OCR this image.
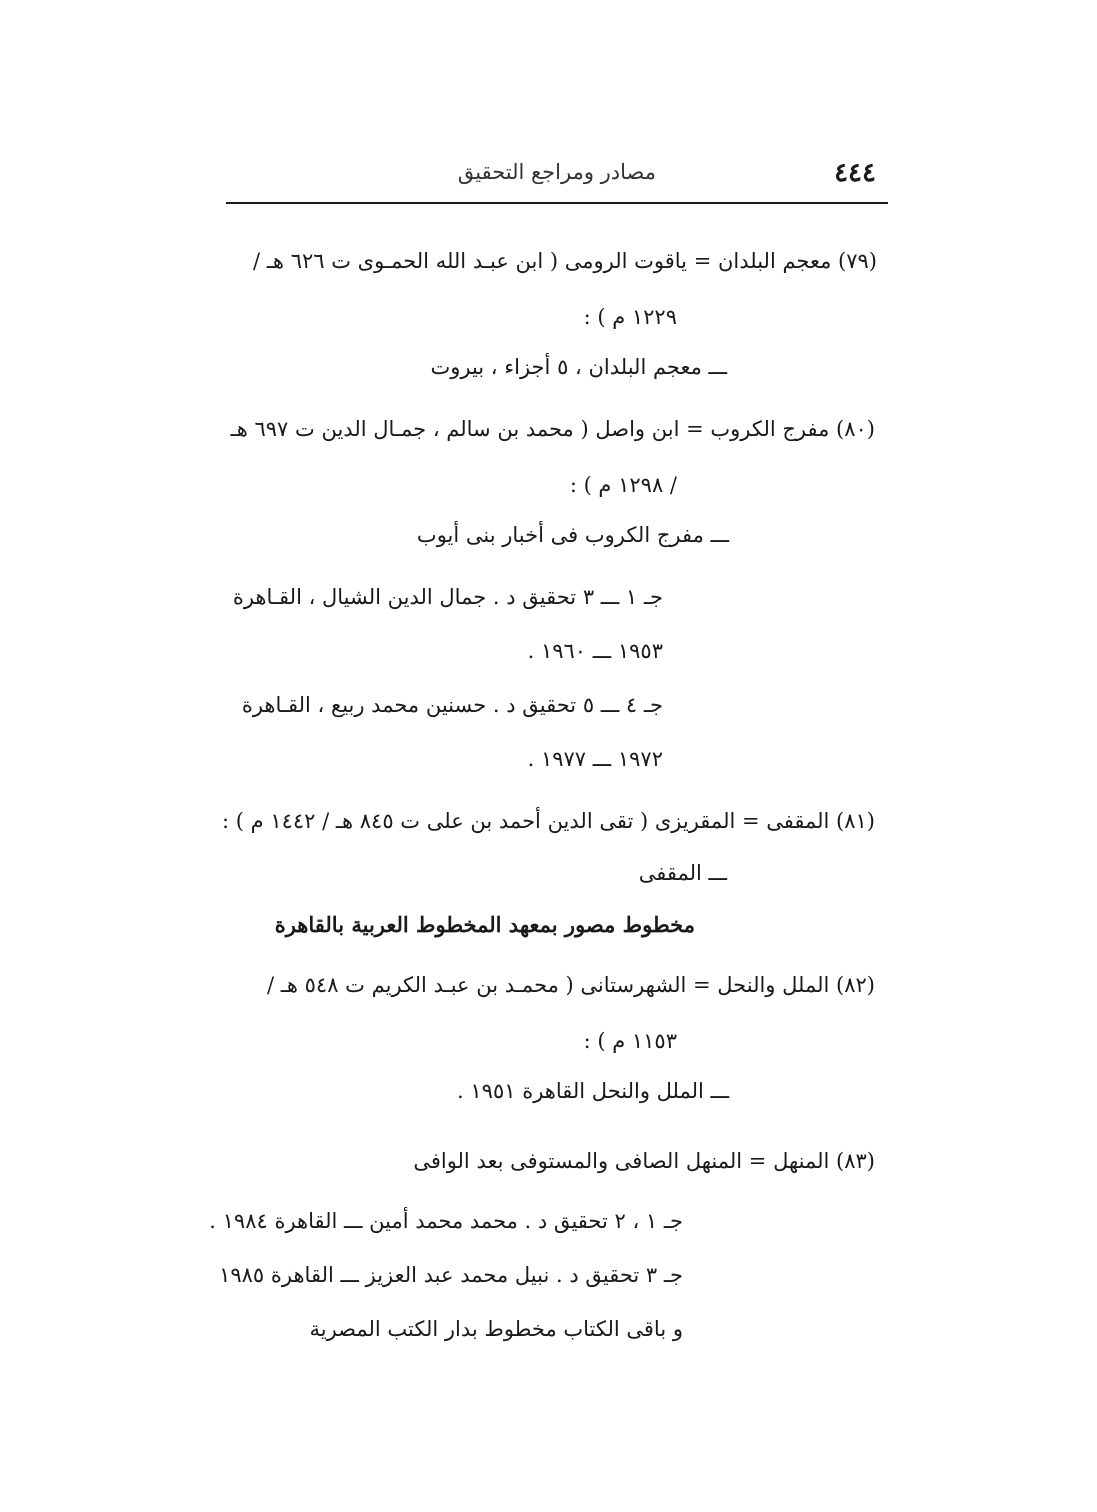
٤٤٤
مصادر ومراجع التحقيق
(٧٩) معجم البلدان = ياقوت الرومى ( ابن عبـد الله الحمـوى ت ٦٢٦ هـ /
١٢٢٩ م ) :
ـــ معجم البلدان ، ٥ أجزاء ، بيروت
(٨٠) مفرج الكروب = ابن واصل ( محمد بن سالم ، جمـال الدين ت ٦٩٧ هـ
/ ١٢٩٨ م ) :
ـــ مفرج الكروب فى أخبار بنى أيوب
جـ ١ ـــ ٣ تحقيق د . جمال الدين الشيال ، القـاهرة
١٩٥٣ ـــ ١٩٦٠ .
جـ ٤ ـــ ٥ تحقيق د . حسنين محمد ربيع ، القـاهرة
١٩٧٢ ـــ ١٩٧٧ .
(٨١) المقفى = المقريزى ( تقى الدين أحمد بن على ت ٨٤٥ هـ / ١٤٤٢ م ) :
ـــ المقفى
مخطوط مصور بمعهد المخطوط العربية بالقاهرة
(٨٢) الملل والنحل = الشهرستانى ( محمـد بن عبـد الكريم ت ٥٤٨ هـ /
١١٥٣ م ) :
ـــ الملل والنحل القاهرة ١٩٥١ .
(٨٣) المنهل = المنهل الصافى والمستوفى بعد الوافى
جـ ١ ، ٢ تحقيق د . محمد محمد أمين ـــ القاهرة ١٩٨٤ .
جـ ٣ تحقيق د . نبيل محمد عبد العزيز ـــ القاهرة ١٩٨٥
و باقى الكتاب مخطوط بدار الكتب المصرية
